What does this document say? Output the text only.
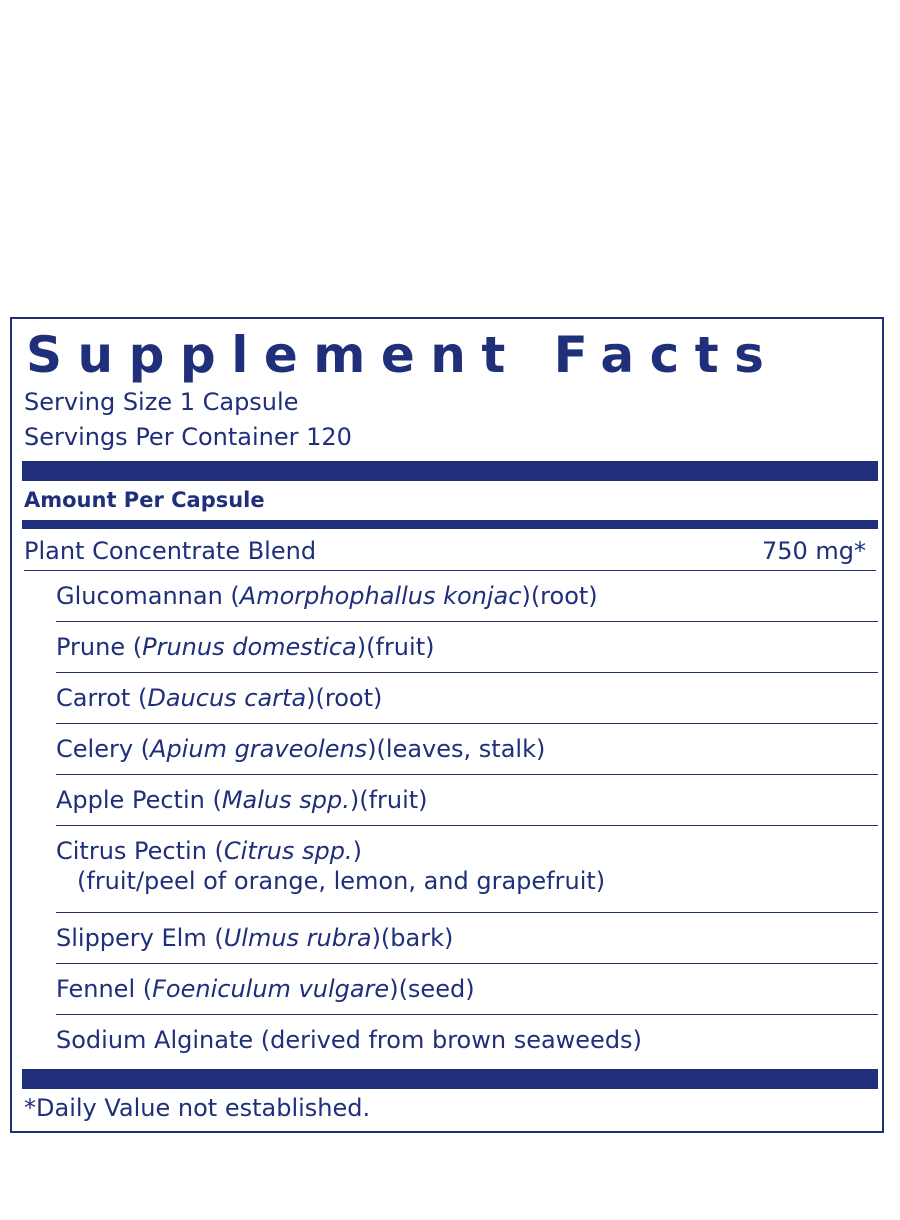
Supplement Facts
Serving Size 1 Capsule
Servings Per Container 120
Amount Per Capsule
Plant Concentrate Blend	750 mg*
Glucomannan (Amorphophallus konjac)(root)
Prune (Prunus domestica)(fruit)
Carrot (Daucus carta)(root)
Celery (Apium graveolens)(leaves, stalk)
Apple Pectin (Malus spp.)(fruit)
Citrus Pectin (Citrus spp.)
(fruit/peel of orange, lemon, and grapefruit)
Slippery Elm (Ulmus rubra)(bark)
Fennel (Foeniculum vulgare)(seed)
Sodium Alginate (derived from brown seaweeds)
*Daily Value not established.
